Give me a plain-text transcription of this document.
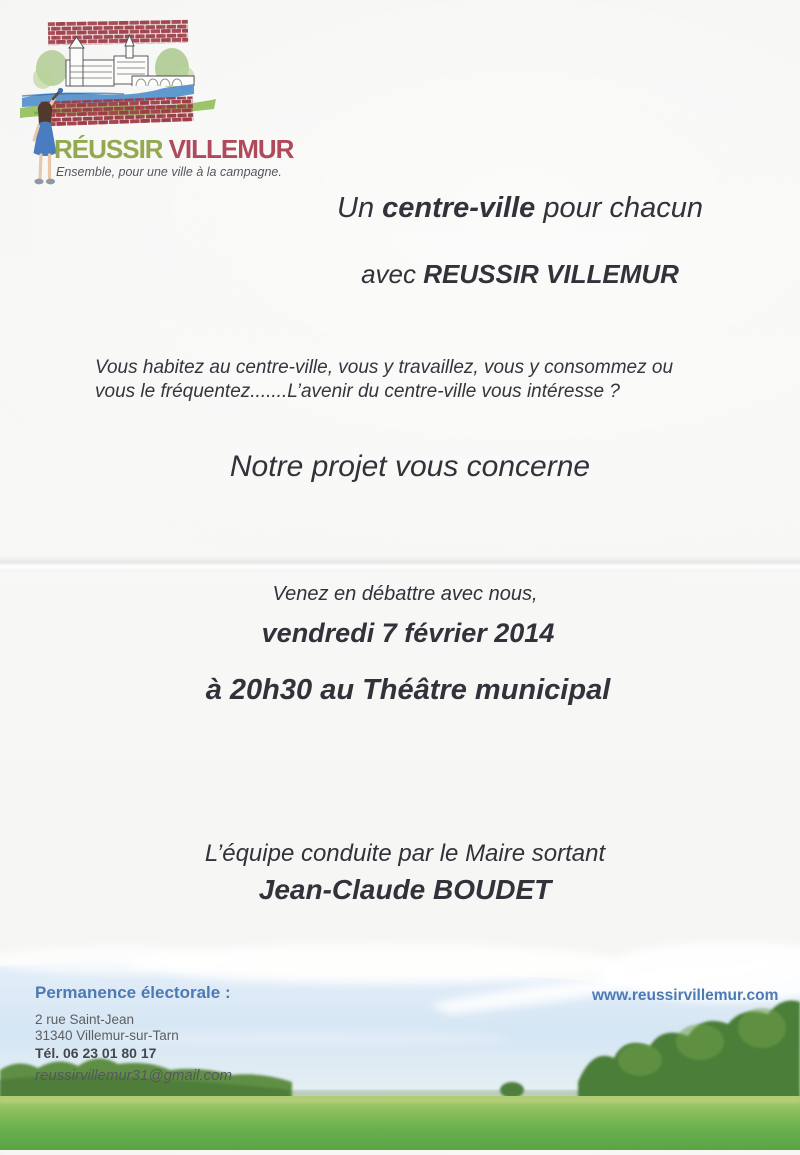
RÉUSSIR VILLEMUR
Ensemble, pour une ville à la campagne.
Un centre-ville pour chacun
avec REUSSIR VILLEMUR
Vous habitez au centre-ville, vous y travaillez, vous y consommez ou
vous le fréquentez.......L’avenir du centre-ville vous intéresse ?
Notre projet vous concerne
Venez en débattre avec nous,
vendredi 7 février 2014
à 20h30 au Théâtre municipal
L’équipe conduite par le Maire sortant
Jean-Claude BOUDET
Permanence électorale :
2 rue Saint-Jean
31340 Villemur-sur-Tarn
Tél. 06 23 01 80 17
reussirvillemur31@gmail.com
www.reussirvillemur.com
